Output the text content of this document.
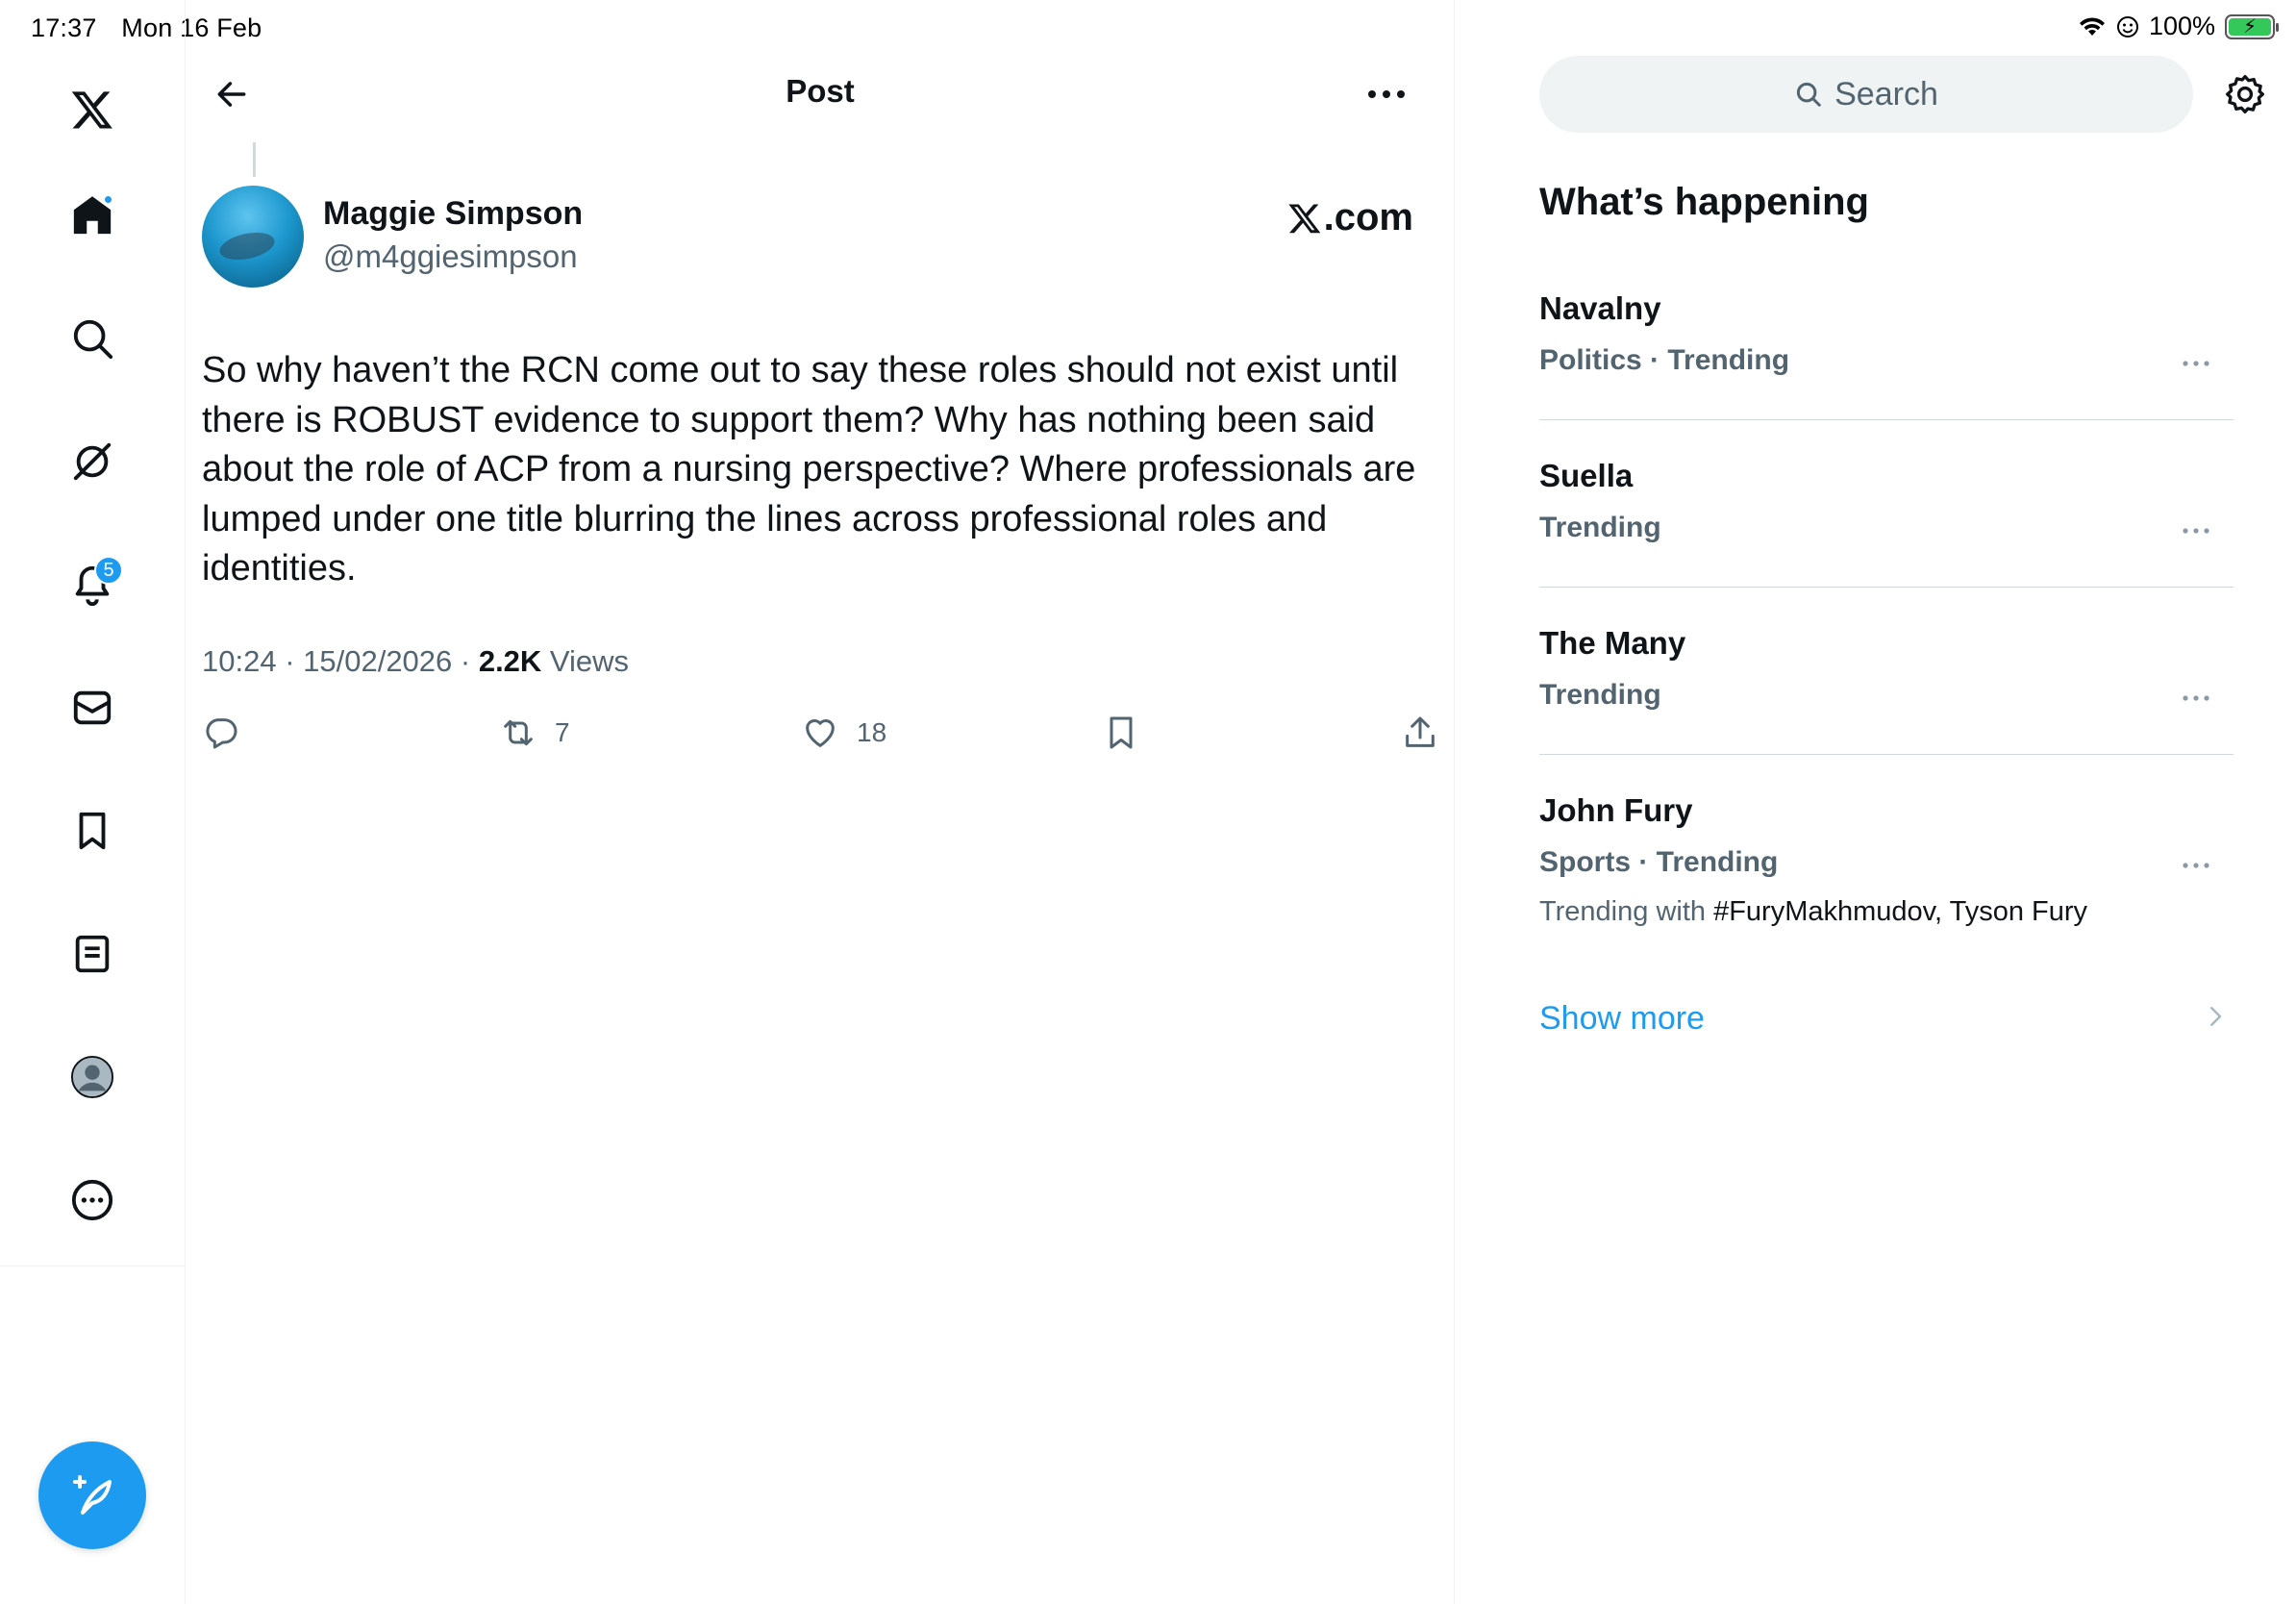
17:37 Mon 16 Feb	100% ⚡
5
Post
Maggie Simpson
@m4ggiesimpson
.com
So why haven’t the RCN come out to say these roles should not exist until there is ROBUST evidence to support them? Why has nothing been said about the role of ACP from a nursing perspective? Where professionals are lumped under one title blurring the lines across professional roles and identities.
10:24 · 15/02/2026 · 2.2K Views
7	18
Search
What’s happening
Navalny
Politics · Trending
Suella
Trending
The Many
Trending
John Fury
Sports · Trending
Trending with #FuryMakhmudov, Tyson Fury
Show more
